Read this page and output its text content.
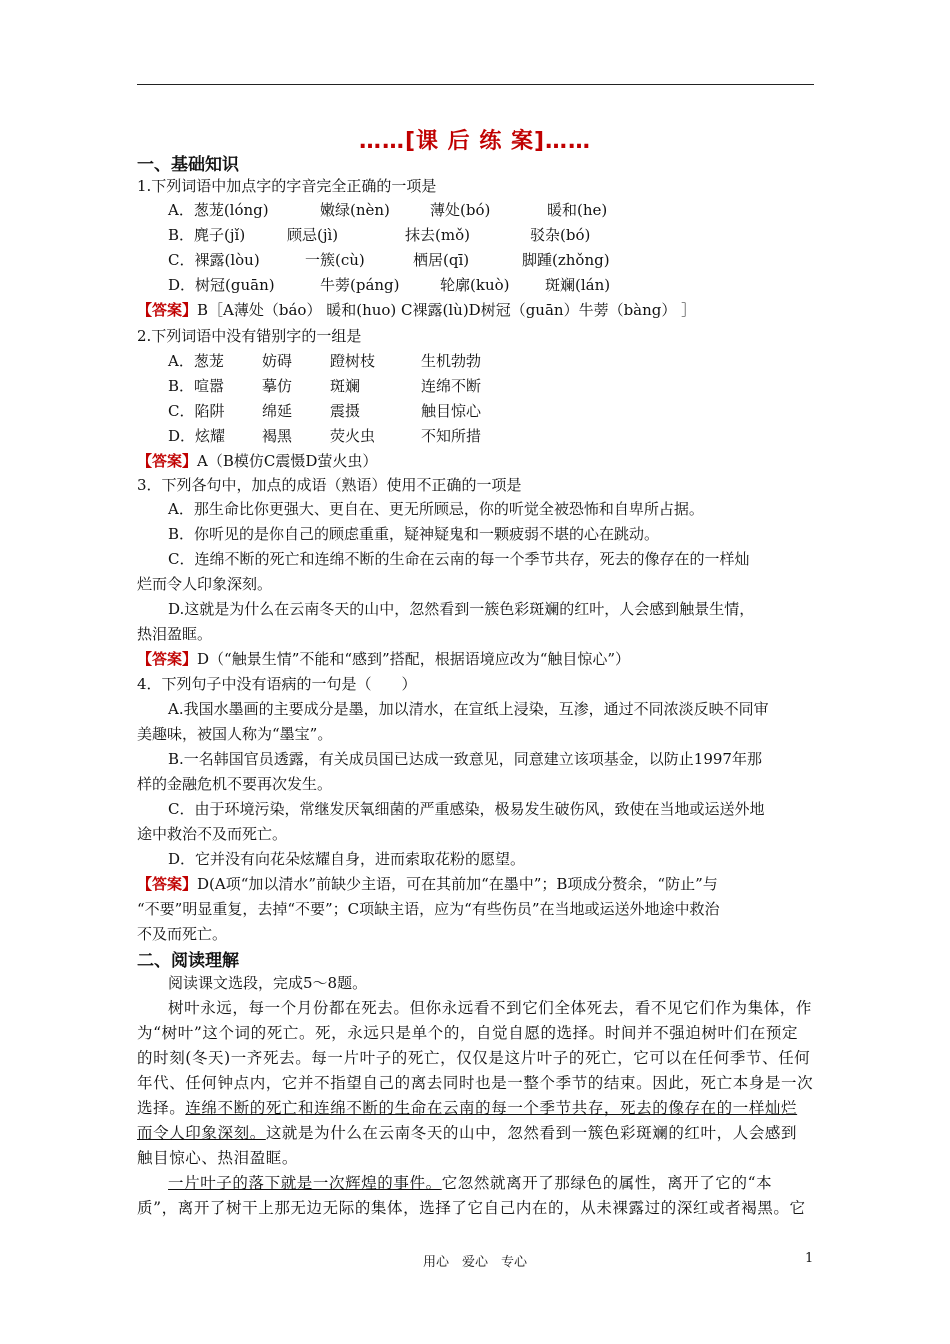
……[课 后 练 案]……
一、基础知识
1.下列词语中加点字的字音完全正确的一项是
A．葱茏(lóng)	嫩绿(nèn)	薄处(bó)	暖和(he)
B．麂子(jǐ)	顾忌(jì)	抹去(mǒ)	驳杂(bó)
C．裸露(lòu)	一簇(cù)	栖居(qī)	脚踵(zhǒng)
D．树冠(guān)	牛蒡(páng)	轮廓(kuò) 斑斓(lán)
【答案】B［A薄处（báo） 暖和(huo) C裸露(lù)D树冠（guān）牛蒡（bàng） ］
2.下列词语中没有错别字的一组是
A．葱茏	妨碍	蹬树枝	生机勃勃
B．喧嚣	摹仿	斑斓	连绵不断
C．陷阱	绵延	震摄	触目惊心
D．炫耀 褐黑	荧火虫	不知所措
【答案】A（B模仿C震慑D萤火虫）
3．下列各句中，加点的成语（熟语）使用不正确的一项是
A．那生命比你更强大、更自在、更无所顾忌，你的听觉全被恐怖和自卑所占据。
B．你听见的是你自己的顾虑重重，疑神疑鬼和一颗疲弱不堪的心在跳动。
C．连绵不断的死亡和连绵不断的生命在云南的每一个季节共存，死去的像存在的一样灿
烂而令人印象深刻。
D.这就是为什么在云南冬天的山中，忽然看到一簇色彩斑斓的红叶，人会感到触景生情，
热泪盈眶。
【答案】D（“触景生情”不能和“感到”搭配，根据语境应改为“触目惊心”）
4．下列句子中没有语病的一句是（　　）
A.我国水墨画的主要成分是墨，加以清水，在宣纸上浸染，互渗，通过不同浓淡反映不同审
美趣味，被国人称为“墨宝”。
B.一名韩国官员透露，有关成员国已达成一致意见，同意建立该项基金，以防止1997年那
样的金融危机不要再次发生。
C．由于环境污染，常继发厌氧细菌的严重感染，极易发生破伤风，致使在当地或运送外地
途中救治不及而死亡。
D．它并没有向花朵炫耀自身，进而索取花粉的愿望。
【答案】D(A项“加以清水”前缺少主语，可在其前加“在墨中”；B项成分赘余，“防止”与
“不要”明显重复，去掉“不要”；C项缺主语，应为“有些伤员”在当地或运送外地途中救治
不及而死亡。
二、阅读理解
阅读课文选段，完成5～8题。
树叶永远，每一个月份都在死去。但你永远看不到它们全体死去，看不见它们作为集体，作
为“树叶”这个词的死亡。死，永远只是单个的，自觉自愿的选择。时间并不强迫树叶们在预定
的时刻(冬天)一齐死去。每一片叶子的死亡，仅仅是这片叶子的死亡，它可以在任何季节、任何
年代、任何钟点内，它并不指望自己的离去同时也是一整个季节的结束。因此，死亡本身是一次
选择。连绵不断的死亡和连绵不断的生命在云南的每一个季节共存，死去的像存在的一样灿烂
而令人印象深刻。这就是为什么在云南冬天的山中，忽然看到一簇色彩斑斓的红叶，人会感到
触目惊心、热泪盈眶。
一片叶子的落下就是一次辉煌的事件。它忽然就离开了那绿色的属性，离开了它的“本
质”，离开了树干上那无边无际的集体，选择了它自己内在的，从未裸露过的深红或者褐黑。它
用心　爱心　专心	1
